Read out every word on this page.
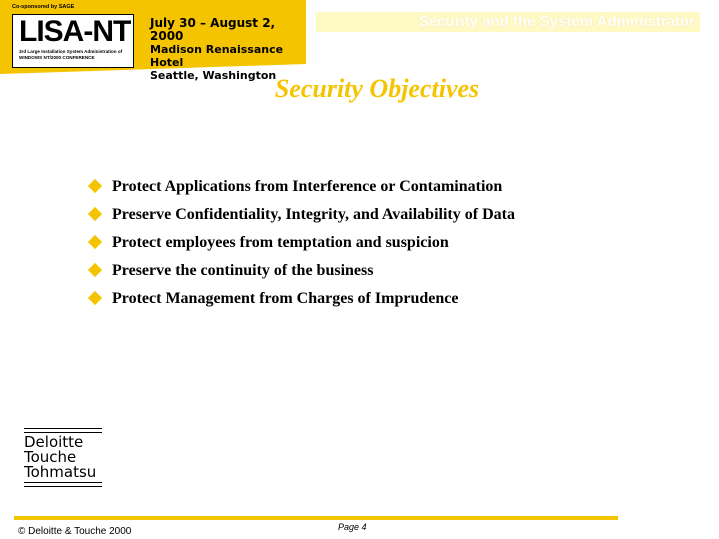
Co-sponsored by SAGE
LISA-NT
3rd Large Installation System Administration of
WINDOWS NT/2000 CONFERENCE
July 30 – August 2, 2000
Madison Renaissance Hotel
Seattle, Washington
Security and the System Administrator
Security Objectives
Protect Applications from Interference or Contamination
Preserve Confidentiality, Integrity, and Availability of Data
Protect employees from temptation and suspicion
Preserve the continuity of the business
Protect Management from Charges of Imprudence
Deloitte
Touche
Tohmatsu
Page 4
© Deloitte & Touche 2000
